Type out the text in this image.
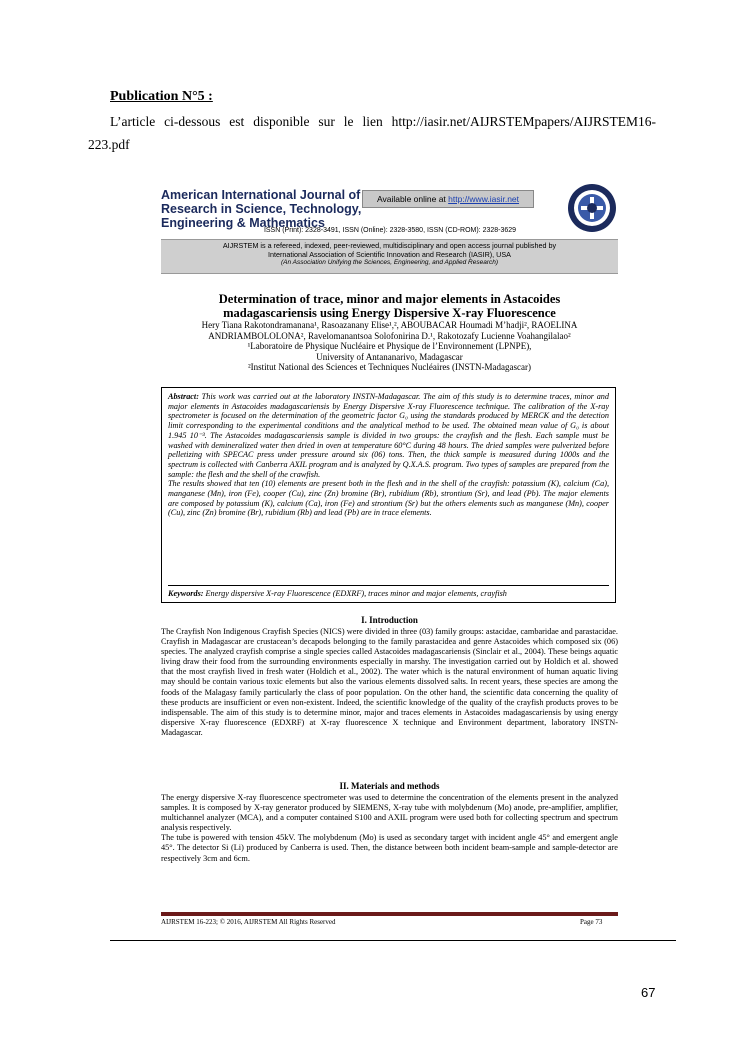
Publication N°5 :
L’article ci-dessous est disponible sur le lien http://iasir.net/AIJRSTEMpapers/AIJRSTEM16-
223.pdf
American International Journal of
Research in Science, Technology,
Engineering & Mathematics
Available online at http://www.iasir.net
ISSN (Print): 2328-3491, ISSN (Online): 2328-3580, ISSN (CD-ROM): 2328-3629
AIJRSTEM is a refereed, indexed, peer-reviewed, multidisciplinary and open access journal published by
International Association of Scientific Innovation and Research (IASIR), USA
(An Association Unifying the Sciences, Engineering, and Applied Research)
Determination of trace, minor and major elements in Astacoides
madagascariensis using Energy Dispersive X-ray Fluorescence
Hery Tiana Rakotondramanana¹, Rasoazanany Elise¹,², ABOUBACAR Houmadi M’hadji², RAOELINA
ANDRIAMBOLOLONA², Ravelomanantsoa Solofonirina D.¹, Rakotozafy Lucienne Voahangilalao²
¹Laboratoire de Physique Nucléaire et Physique de l’Environnement (LPNPE),
University of Antananarivo, Madagascar
²Institut National des Sciences et Techniques Nucléaires (INSTN-Madagascar)

Abstract: This work was carried out at the laboratory INSTN-Madagascar. The aim of this study is to determine traces, minor and major elements in Astacoides madagascariensis by Energy Dispersive X-ray Fluorescence technique. The calibration of the X-ray spectrometer is focused on the determination of the geometric factor G₀ using the standards produced by MERCK and the detection limit corresponding to the experimental conditions and the analytical method to be used. The obtained mean value of G₀ is about 1.945 10⁻³. The Astacoides madagascariensis sample is divided in two groups: the crayfish and the flesh. Each sample must be washed with demineralized water then dried in oven at temperature 60°C during 48 hours. The dried samples were pulverized before pelletizing with SPECAC press under pressure around six (06) tons. Then, the thick sample is measured during 1000s and the spectrum is collected with Canberra AXIL program and is analyzed by Q.X.A.S. program. Two types of samples are prepared from the sample: the flesh and the shell of the crawfish.

The results showed that ten (10) elements are present both in the flesh and in the shell of the crayfish: potassium (K), calcium (Ca), manganese (Mn), iron (Fe), cooper (Cu), zinc (Zn) bromine (Br), rubidium (Rb), strontium (Sr), and lead (Pb). The major elements are composed by potassium (K), calcium (Ca), iron (Fe) and strontium (Sr) but the others elements such as manganese (Mn), cooper (Cu), zinc (Zn) bromine (Br), rubidium (Rb) and lead (Pb) are in trace elements.

Keywords: Energy dispersive X-ray Fluorescence (EDXRF), traces minor and major elements, crayfish
I. Introduction

The Crayfish Non Indigenous Crayfish Species (NICS) were divided in three (03) family groups: astacidae, cambaridae and parastacidae. Crayfish in Madagascar are crustacean’s decapods belonging to the family parastacidea and genre Astacoides which composed six (06) species. The analyzed crayfish comprise a single species called Astacoides madagascariensis (Sinclair et al., 2004). These beings aquatic living draw their food from the surrounding environments especially in marshy. The investigation carried out by Holdich et al. showed that the most crayfish lived in fresh water (Holdich et al., 2002). The water which is the natural environment of human aquatic living may should be contain various toxic elements but also the various elements dissolved salts. In recent years, these species are among the foods of the Malagasy family particularly the class of poor population. On the other hand, the scientific data concerning the quality of these products are insufficient or even non-existent. Indeed, the scientific knowledge of the quality of the crayfish products proves to be indispensable. The aim of this study is to determine minor, major and traces elements in Astacoides madagascariensis by using energy dispersive X-ray fluorescence (EDXRF) at X-ray fluorescence X technique and Environment department, laboratory INSTN-Madagascar.

II. Materials and methods

The energy dispersive X-ray fluorescence spectrometer was used to determine the concentration of the elements present in the analyzed samples. It is composed by X-ray generator produced by SIEMENS, X-ray tube with molybdenum (Mo) anode, pre-amplifier, amplifier, multichannel analyzer (MCA), and a computer contained S100 and AXIL program were used both for collecting spectrum and spectrum analysis respectively.

The tube is powered with tension 45kV. The molybdenum (Mo) is used as secondary target with incident angle 45° and emergent angle 45°. The detector Si (Li) produced by Canberra is used. Then, the distance between both incident beam-sample and sample-detector are respectively 3cm and 6cm.

AIJRSTEM 16-223; © 2016, AIJRSTEM All Rights Reserved	Page 73
67
